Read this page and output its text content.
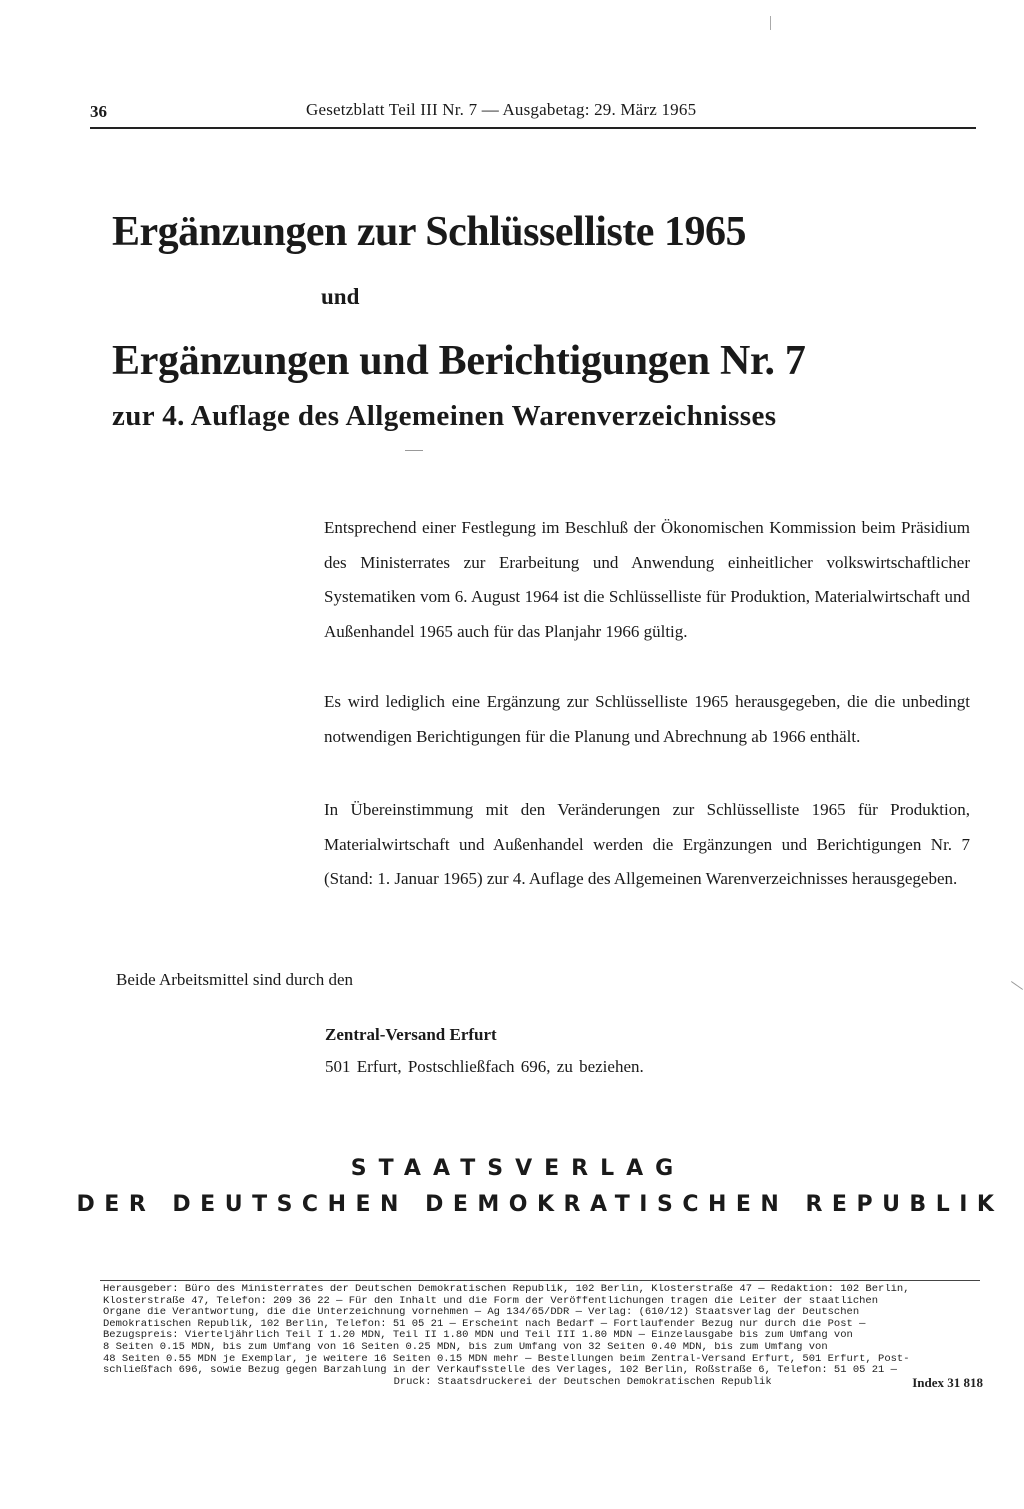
36	Gesetzblatt Teil III Nr. 7 — Ausgabetag: 29. März 1965
Ergänzungen zur Schlüsselliste 1965
und
Ergänzungen und Berichtigungen Nr. 7
zur 4. Auflage des Allgemeinen Warenverzeichnisses
Entsprechend einer Festlegung im Beschluß der Ökonomischen Kommission beim Präsidium des Ministerrates zur Erarbeitung und Anwendung einheitlicher volkswirtschaftlicher Systematiken vom 6. August 1964 ist die Schlüsselliste für Produktion, Materialwirtschaft und Außenhandel 1965 auch für das Planjahr 1966 gültig.
Es wird lediglich eine Ergänzung zur Schlüsselliste 1965 herausgegeben, die die unbedingt notwendigen Berichtigungen für die Planung und Abrechnung ab 1966 enthält.
In Übereinstimmung mit den Veränderungen zur Schlüsselliste 1965 für Produktion, Materialwirtschaft und Außenhandel werden die Ergänzungen und Berichtigungen Nr. 7 (Stand: 1. Januar 1965) zur 4. Auflage des Allgemeinen Warenverzeichnisses herausgegeben.
Beide Arbeitsmittel sind durch den
Zentral-Versand Erfurt
501 Erfurt, Postschließfach 696, zu beziehen.
STAATSVERLAG
DER DEUTSCHEN DEMOKRATISCHEN REPUBLIK
Herausgeber: Büro des Ministerrates der Deutschen Demokratischen Republik, 102 Berlin, Klosterstraße 47 — Redaktion: 102 Berlin,
Klosterstraße 47, Telefon: 209 36 22 — Für den Inhalt und die Form der Veröffentlichungen tragen die Leiter der staatlichen
Organe die Verantwortung, die die Unterzeichnung vornehmen — Ag 134/65/DDR — Verlag: (610/12) Staatsverlag der Deutschen
Demokratischen Republik, 102 Berlin, Telefon: 51 05 21 — Erscheint nach Bedarf — Fortlaufender Bezug nur durch die Post —
Bezugspreis: Vierteljährlich Teil I 1.20 MDN, Teil II 1.80 MDN und Teil III 1.80 MDN — Einzelausgabe bis zum Umfang von
8 Seiten 0.15 MDN, bis zum Umfang von 16 Seiten 0.25 MDN, bis zum Umfang von 32 Seiten 0.40 MDN, bis zum Umfang von
48 Seiten 0.55 MDN je Exemplar, je weitere 16 Seiten 0.15 MDN mehr — Bestellungen beim Zentral-Versand Erfurt, 501 Erfurt, Post-
schließfach 696, sowie Bezug gegen Barzahlung in der Verkaufsstelle des Verlages, 102 Berlin, Roßstraße 6, Telefon: 51 05 21 —
Druck: Staatsdruckerei der Deutschen Demokratischen Republik	Index 31 818
